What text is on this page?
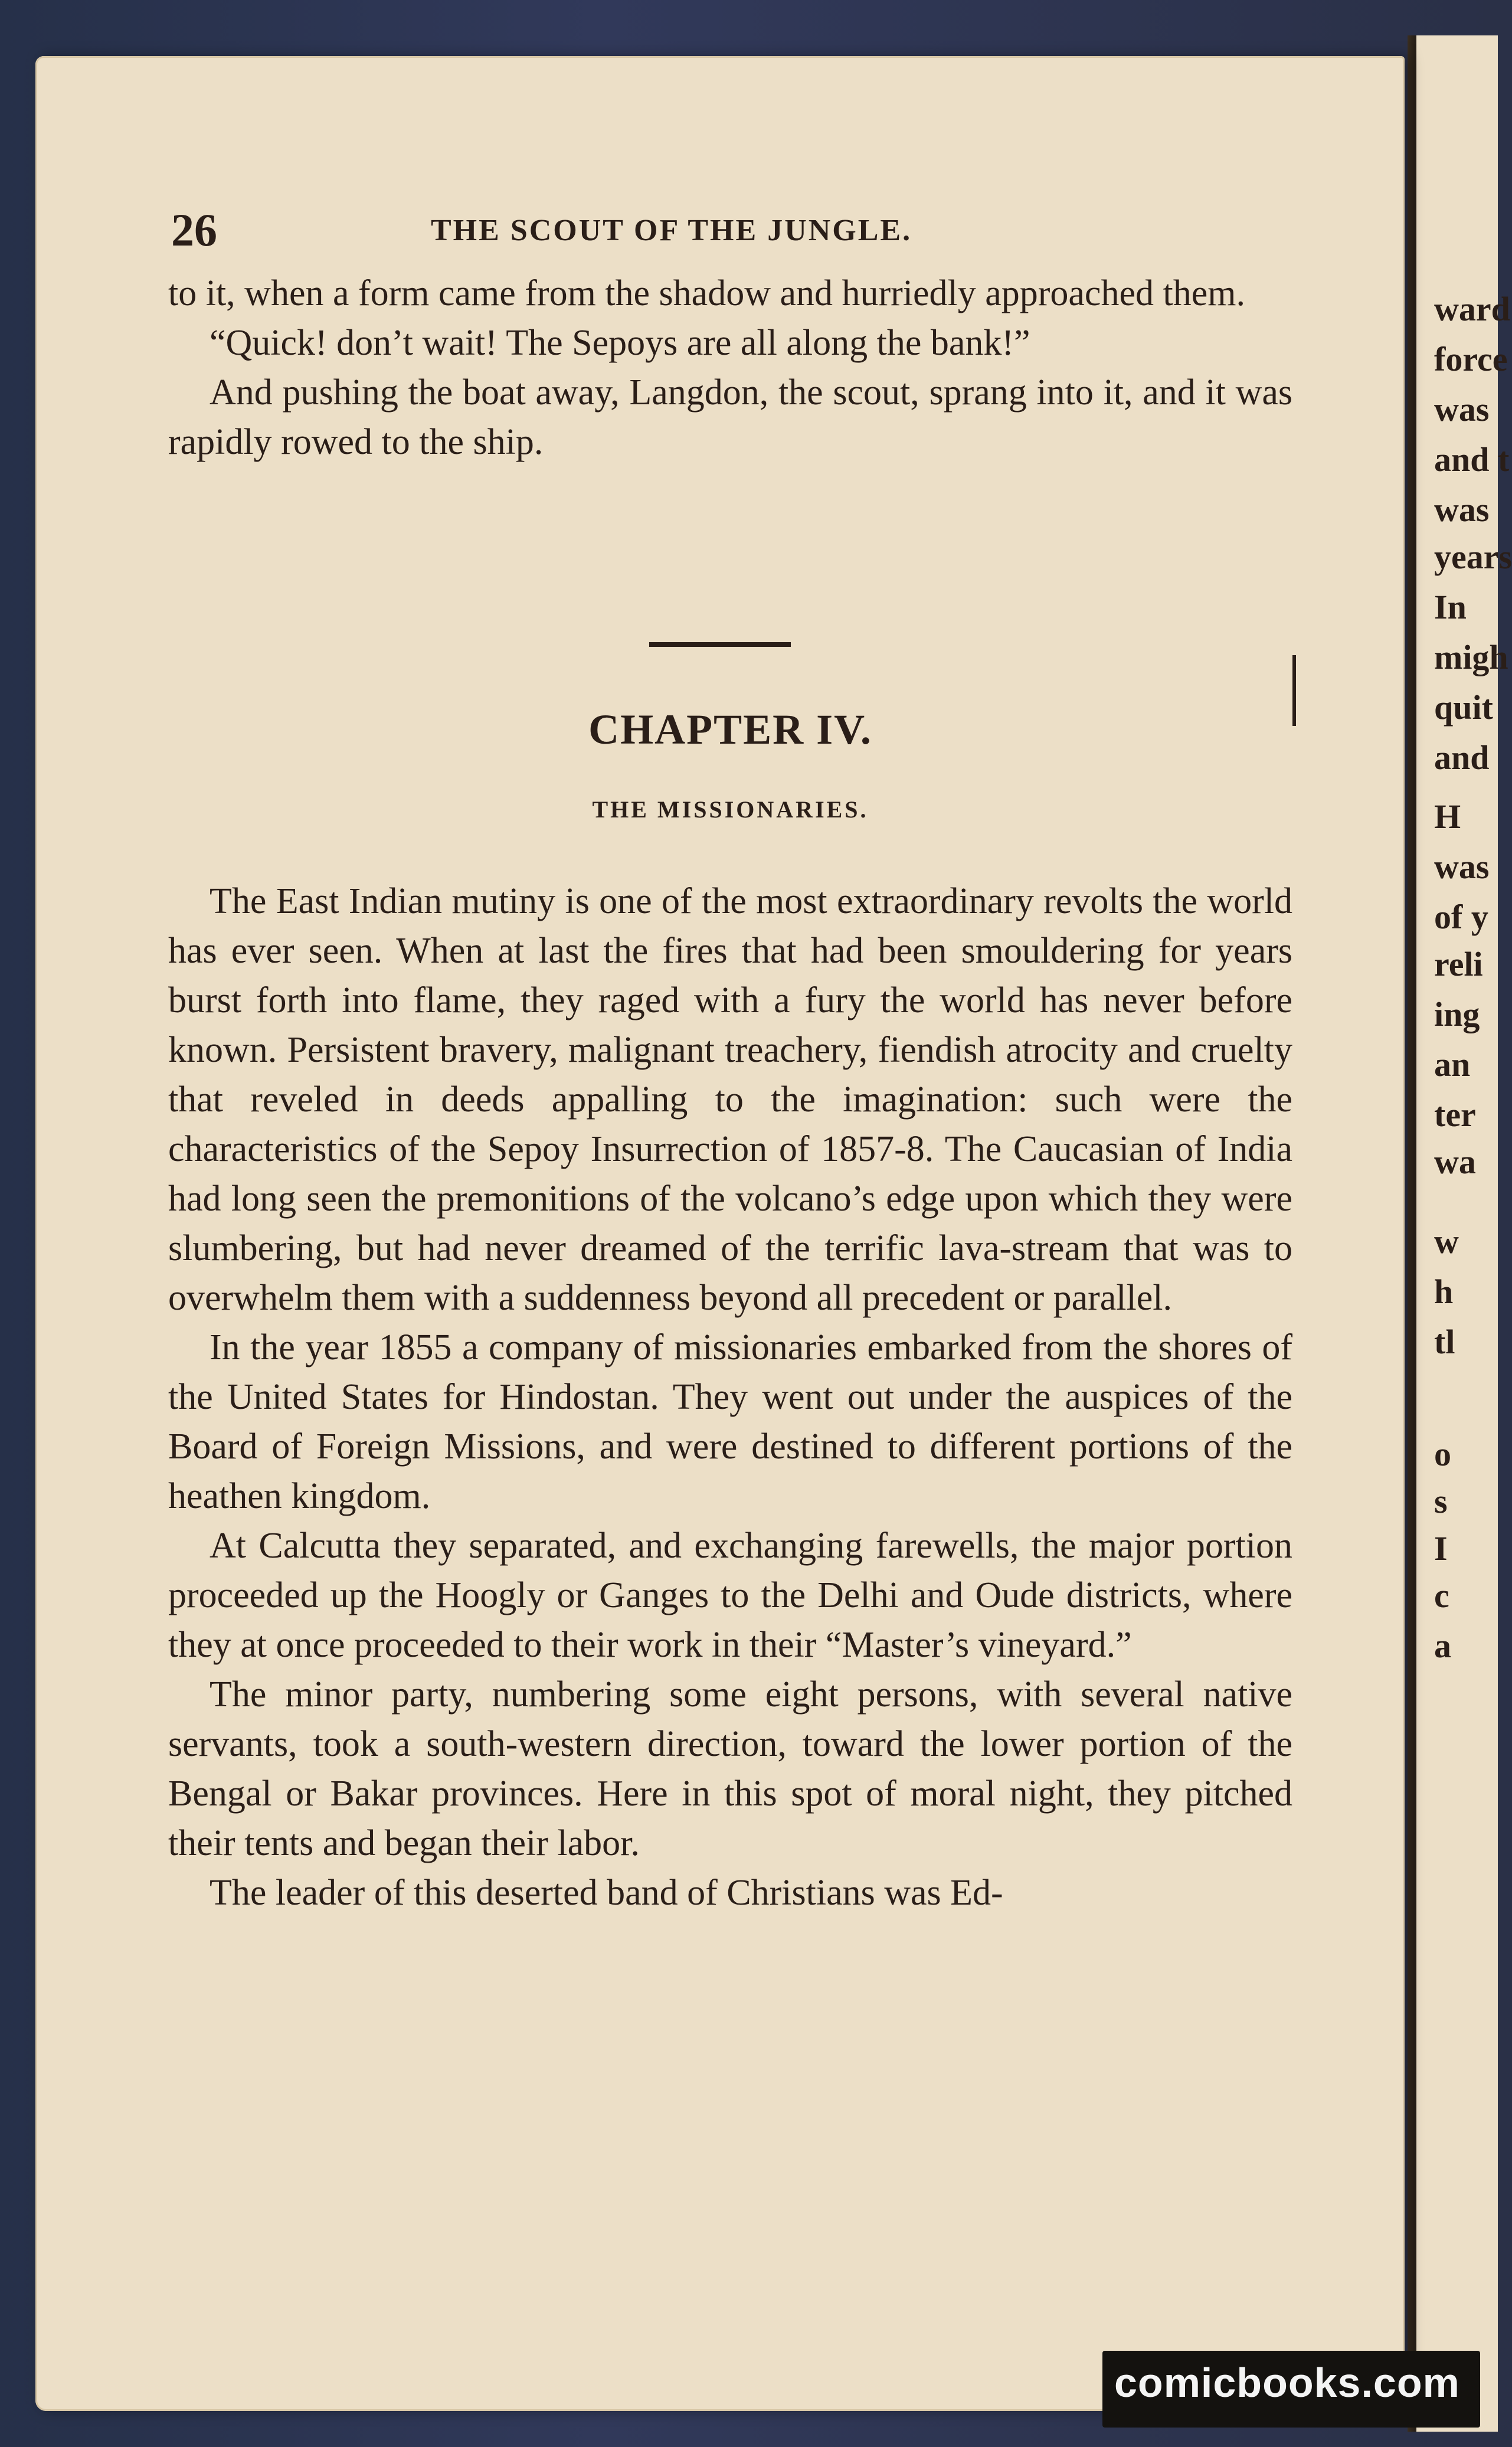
ward
force
was
and t
was
years
In
migh
quit
and
H
was
of y
reli
ing
an
ter
wa
w
h
tl
o
s
I
c
a
26	THE SCOUT OF THE JUNGLE.

to it, when a form came from the shadow and hurriedly approached them.

“Quick! don’t wait! The Sepoys are all along the bank!”

And pushing the boat away, Langdon, the scout, sprang into it, and it was rapidly rowed to the ship.

CHAPTER IV.
THE MISSIONARIES.

The East Indian mutiny is one of the most extraordinary revolts the world has ever seen. When at last the fires that had been smouldering for years burst forth into flame, they raged with a fury the world has never before known. Persistent bravery, malignant treachery, fiendish atrocity and cruelty that reveled in deeds appalling to the imagination: such were the characteristics of the Sepoy Insurrection of 1857-8. The Caucasian of India had long seen the premonitions of the volcano’s edge upon which they were slumbering, but had never dreamed of the terrific lava-stream that was to overwhelm them with a suddenness beyond all precedent or parallel.

In the year 1855 a company of missionaries embarked from the shores of the United States for Hindostan. They went out under the auspices of the Board of Foreign Missions, and were destined to different portions of the heathen kingdom.

At Calcutta they separated, and exchanging farewells, the major portion proceeded up the Hoogly or Ganges to the Delhi and Oude districts, where they at once proceeded to their work in their “Master’s vineyard.”

The minor party, numbering some eight persons, with several native servants, took a south-western direction, toward the lower portion of the Bengal or Bakar provinces. Here in this spot of moral night, they pitched their tents and began their labor.

The leader of this deserted band of Christians was Ed-

comicbooks.com
